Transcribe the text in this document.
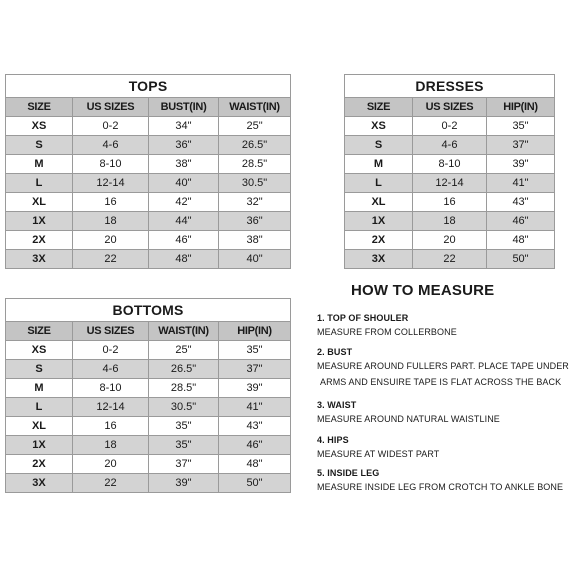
TOPS			
SIZE	US SIZES	BUST(IN)	WAIST(IN)
XS	0-2	34"	25"
S	4-6	36"	26.5"
M	8-10	38"	28.5"
L	12-14	40"	30.5"
XL	16	42"	32"
1X	18	44"	36"
2X	20	46"	38"
3X	22	48"	40"
DRESSES		
SIZE	US SIZES	HIP(IN)
XS	0-2	35"
S	4-6	37"
M	8-10	39"
L	12-14	41"
XL	16	43"
1X	18	46"
2X	20	48"
3X	22	50"
BOTTOMS			
SIZE	US SIZES	WAIST(IN)	HIP(IN)
XS	0-2	25"	35"
S	4-6	26.5"	37"
M	8-10	28.5"	39"
L	12-14	30.5"	41"
XL	16	35"	43"
1X	18	35"	46"
2X	20	37"	48"
3X	22	39"	50"
HOW TO MEASURE
1. TOP OF SHOULER
MEASURE FROM COLLERBONE
2. BUST
MEASURE AROUND FULLERS PART. PLACE TAPE UNDER
ARMS AND ENSUIRE TAPE IS FLAT ACROSS THE BACK
3. WAIST
MEASURE AROUND NATURAL WAISTLINE
4. HIPS
MEASURE AT WIDEST PART
5. INSIDE LEG
MEASURE INSIDE LEG FROM CROTCH TO ANKLE BONE
